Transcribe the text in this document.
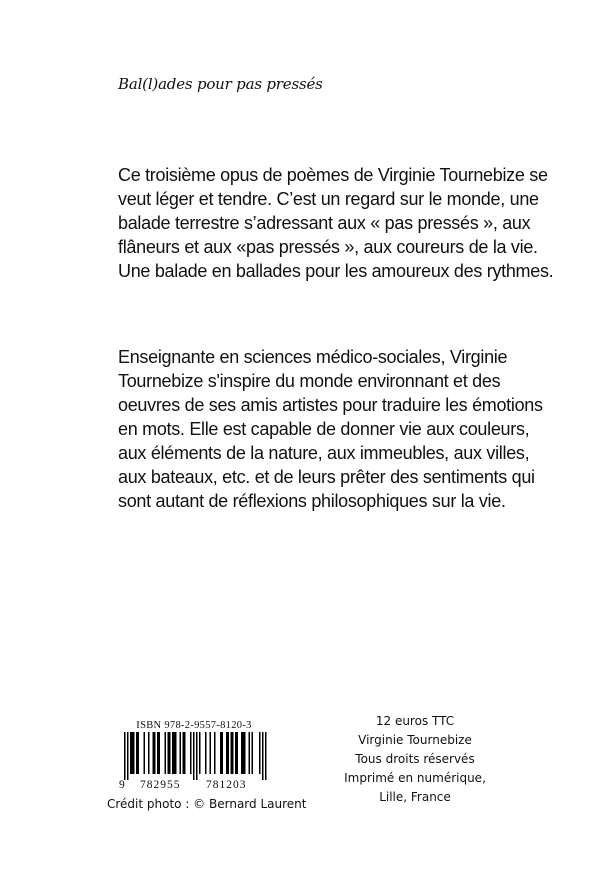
Bal(l)ades pour pas pressés

Ce troisième opus de poèmes de Virginie Tournebize se veut léger et tendre. C’est un regard sur le monde, une balade terrestre s’adressant aux « pas pressés », aux flâneurs et aux «pas pressés », aux coureurs de la vie. Une balade en ballades pour les amoureux des rythmes.

Enseignante en sciences médico-sociales, Virginie Tournebize s'inspire du monde environnant et des oeuvres de ses amis artistes pour traduire les émotions en mots. Elle est capable de donner vie aux couleurs, aux éléments de la nature, aux immeubles, aux villes, aux bateaux, etc. et de leurs prêter des sentiments qui sont autant de réflexions philosophiques sur la vie.

ISBN 978-2-9557-8120-3
9 782955 781203
Crédit photo : © Bernard Laurent
12 euros TTC
Virginie Tournebize
Tous droits réservés
Imprimé en numérique,
Lille, France
